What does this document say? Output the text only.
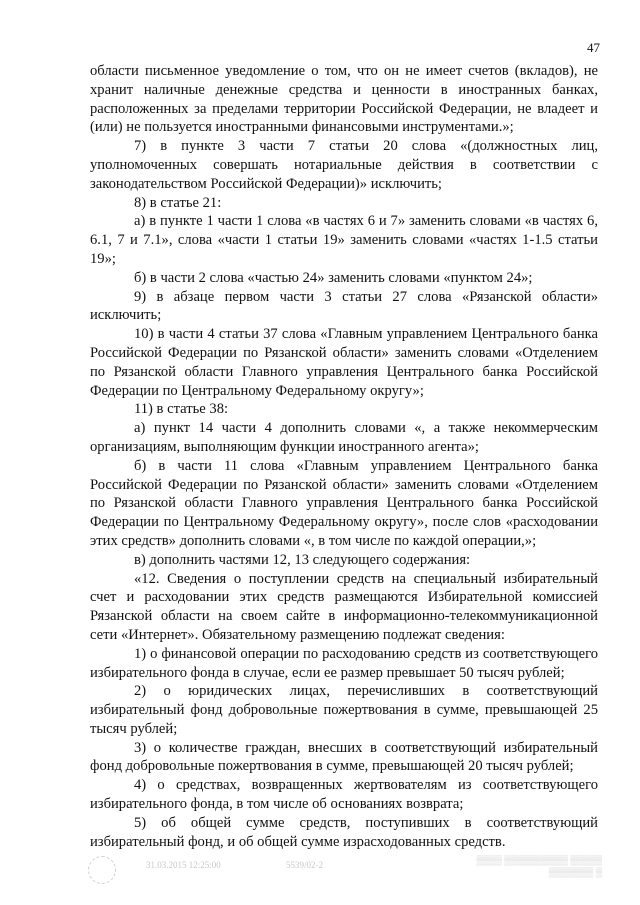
47

области письменное уведомление о том, что он не имеет счетов (вкладов), не хранит наличные денежные средства и ценности в иностранных банках, расположенных за пределами территории Российской Федерации, не владеет и (или) не пользуется иностранными финансовыми инструментами.»;

7) в пункте 3 части 7 статьи 20 слова «(должностных лиц, уполномоченных совершать нотариальные действия в соответствии с законодательством Российской Федерации)» исключить;

8) в статье 21:

а) в пункте 1 части 1 слова «в частях 6 и 7» заменить словами «в частях 6, 6.1, 7 и 7.1», слова «части 1 статьи 19» заменить словами «частях 1-1.5 статьи 19»;

б) в части 2 слова «частью 24» заменить словами «пунктом 24»;

9) в абзаце первом части 3 статьи 27 слова «Рязанской области» исключить;

10) в части 4 статьи 37 слова «Главным управлением Центрального банка Российской Федерации по Рязанской области» заменить словами «Отделением по Рязанской области Главного управления Центрального банка Российской Федерации по Центральному Федеральному округу»;

11) в статье 38:

а) пункт 14 части 4 дополнить словами «, а также некоммерческим организациям, выполняющим функции иностранного агента»;

б) в части 11 слова «Главным управлением Центрального банка Российской Федерации по Рязанской области» заменить словами «Отделением по Рязанской области Главного управления Центрального банка Российской Федерации по Центральному Федеральному округу», после слов «расходовании этих средств» дополнить словами «, в том числе по каждой операции,»;

в) дополнить частями 12, 13 следующего содержания:

«12. Сведения о поступлении средств на специальный избирательный счет и расходовании этих средств размещаются Избирательной комиссией Рязанской области на своем сайте в информационно-телекоммуникационной сети «Интернет». Обязательному размещению подлежат сведения:

1) о финансовой операции по расходованию средств из соответствующего избирательного фонда в случае, если ее размер превышает 50 тысяч рублей;

2) о юридических лицах, перечисливших в соответствующий избирательный фонд добровольные пожертвования в сумме, превышающей 25 тысяч рублей;

3) о количестве граждан, внесших в соответствующий избирательный фонд добровольные пожертвования в сумме, превышающей 20 тысяч рублей;

4) о средствах, возвращенных жертвователям из соответствующего избирательного фонда, в том числе об основаниях возврата;

5) об общей сумме средств, поступивших в соответствующий избирательный фонд, и об общей сумме израсходованных средств.

31.03.2015 12:25:00	5539/02-2	▒▒▒▒ ▒▒▒▒▒▒▒▒▒▒ ▒▒▒▒▒
▒▒▒▒▒▒▒ ▒
